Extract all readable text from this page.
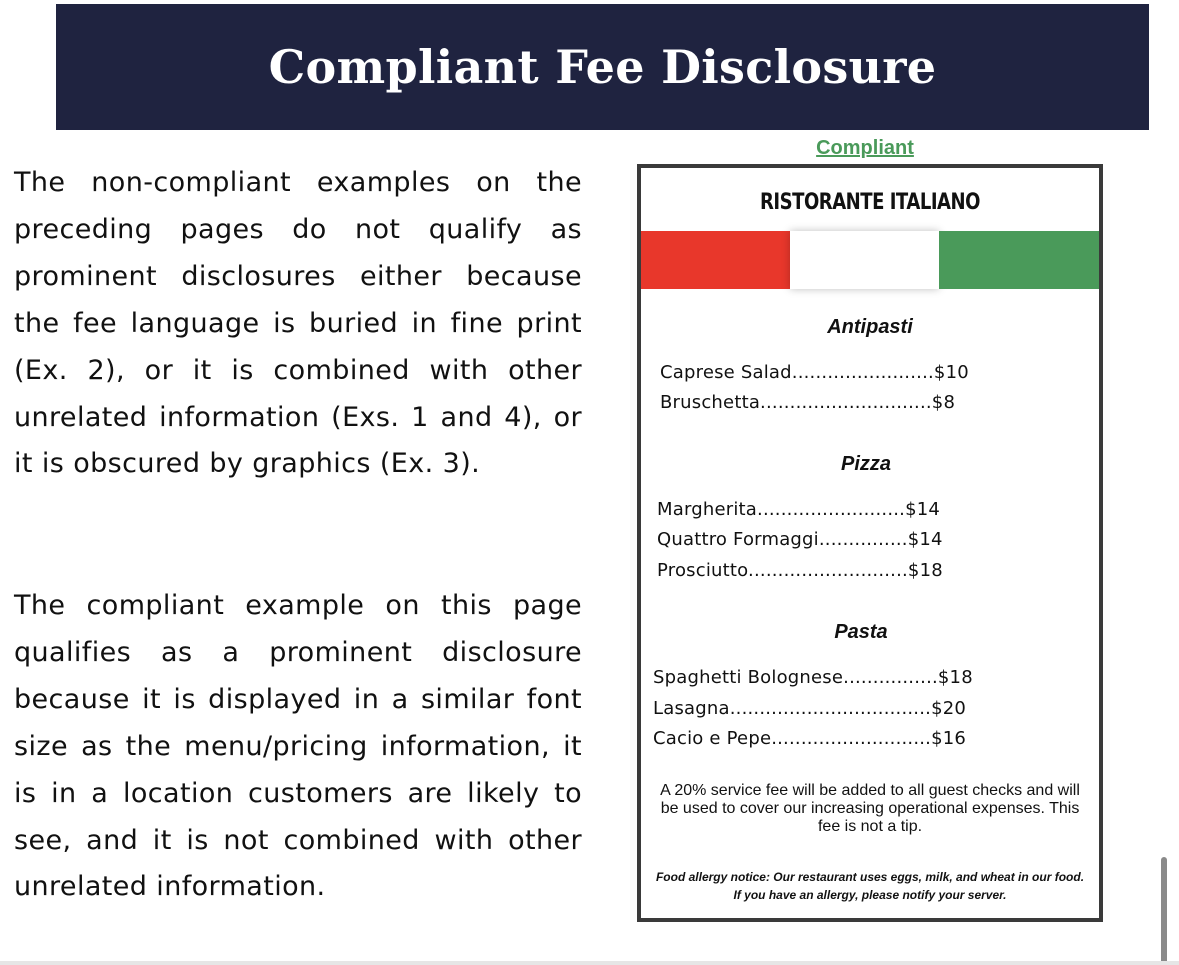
Compliant Fee Disclosure

The non-compliant examples on the preceding pages do not qualify as prominent disclosures either because the fee language is buried in fine print (Ex. 2), or it is combined with other unrelated information (Exs. 1 and 4), or it is obscured by graphics (Ex. 3).

The compliant example on this page qualifies as a prominent disclosure because it is displayed in a similar font size as the menu/pricing information, it is in a location customers are likely to see, and it is not combined with other unrelated information.

Compliant
RISTORANTE ITALIANO
Antipasti
Caprese Salad........................$10
Bruschetta.............................$8
Pizza
Margherita.........................$14
Quattro Formaggi...............$14
Prosciutto...........................$18
Pasta
Spaghetti Bolognese................$18
Lasagna..................................$20
Cacio e Pepe...........................$16
A 20% service fee will be added to all guest checks and will be used to cover our increasing operational expenses. This fee is not a tip.
Food allergy notice: Our restaurant uses eggs, milk, and wheat in our food. If you have an allergy, please notify your server.
